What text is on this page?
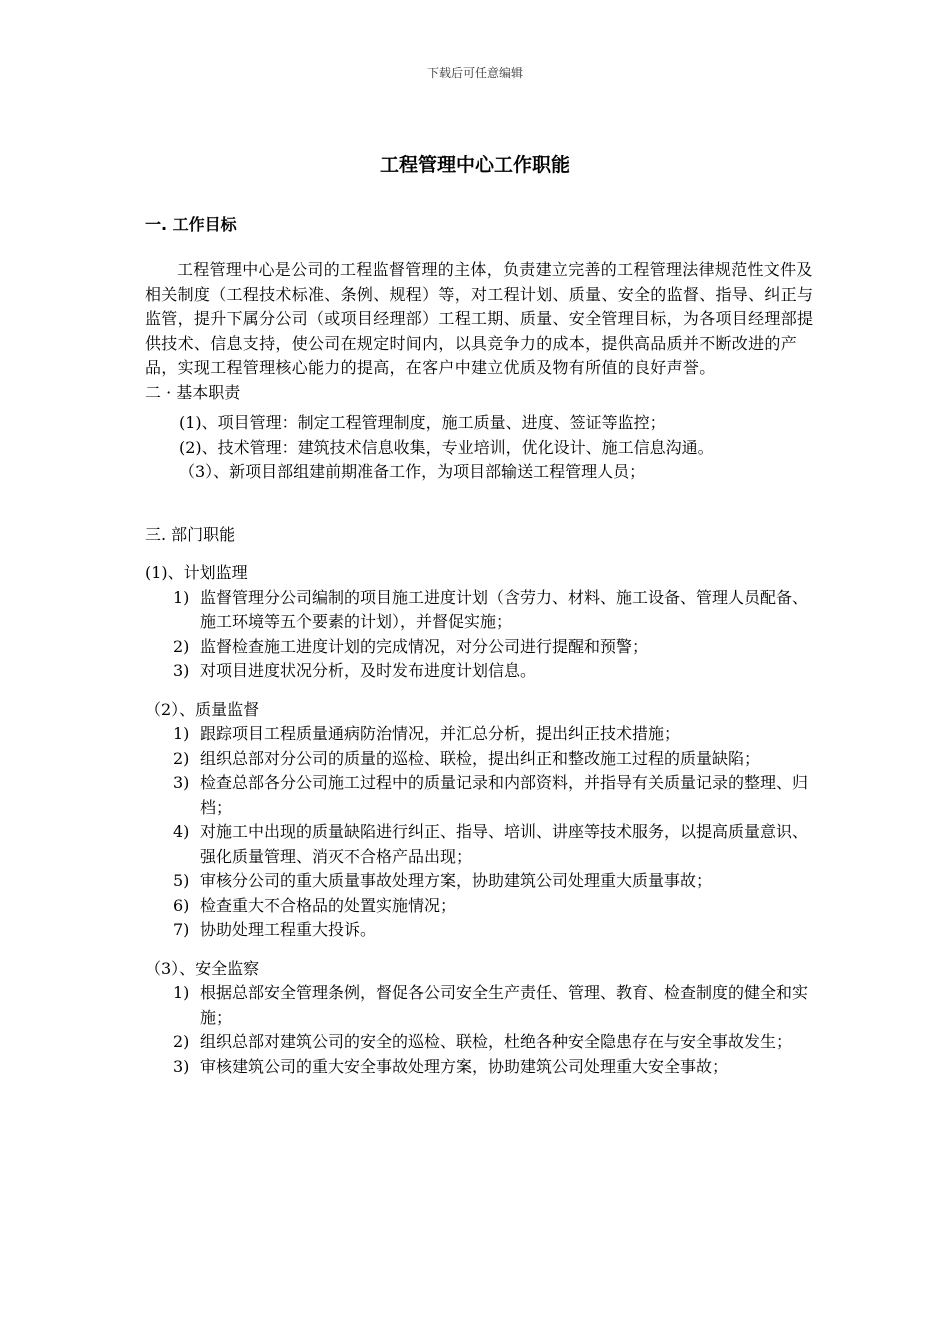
下载后可任意编辑
工程管理中心工作职能

一. 工作目标

工程管理中心是公司的工程监督管理的主体，负责建立完善的工程管理法律规范性文件及相关制度（工程技术标准、条例、规程）等，对工程计划、质量、安全的监督、指导、纠正与监管，提升下属分公司（或项目经理部）工程工期、质量、安全管理目标，为各项目经理部提供技术、信息支持，使公司在规定时间内，以具竞争力的成本，提供高品质并不断改进的产品，实现工程管理核心能力的提高，在客户中建立优质及物有所值的良好声誉。

二 · 基本职责

(1)、项目管理：制定工程管理制度，施工质量、进度、签证等监控；

(2)、技术管理：建筑技术信息收集，专业培训，优化设计、施工信息沟通。

（3）、新项目部组建前期准备工作，为项目部输送工程管理人员；

三. 部门职能

(1)、计划监理

1) 监督管理分公司编制的项目施工进度计划（含劳力、材料、施工设备、管理人员配备、施工环境等五个要素的计划），并督促实施；
2) 监督检查施工进度计划的完成情况，对分公司进行提醒和预警；
3) 对项目进度状况分析，及时发布进度计划信息。

（2）、质量监督

1) 跟踪项目工程质量通病防治情况，并汇总分析，提出纠正技术措施；
2) 组织总部对分公司的质量的巡检、联检，提出纠正和整改施工过程的质量缺陷；
3) 检查总部各分公司施工过程中的质量记录和内部资料，并指导有关质量记录的整理、归档；
4) 对施工中出现的质量缺陷进行纠正、指导、培训、讲座等技术服务，以提高质量意识、强化质量管理、消灭不合格产品出现；
5) 审核分公司的重大质量事故处理方案，协助建筑公司处理重大质量事故；
6) 检查重大不合格品的处置实施情况；
7) 协助处理工程重大投诉。

（3）、安全监察

1) 根据总部安全管理条例，督促各公司安全生产责任、管理、教育、检查制度的健全和实施；
2) 组织总部对建筑公司的安全的巡检、联检，杜绝各种安全隐患存在与安全事故发生；
3) 审核建筑公司的重大安全事故处理方案，协助建筑公司处理重大安全事故；
